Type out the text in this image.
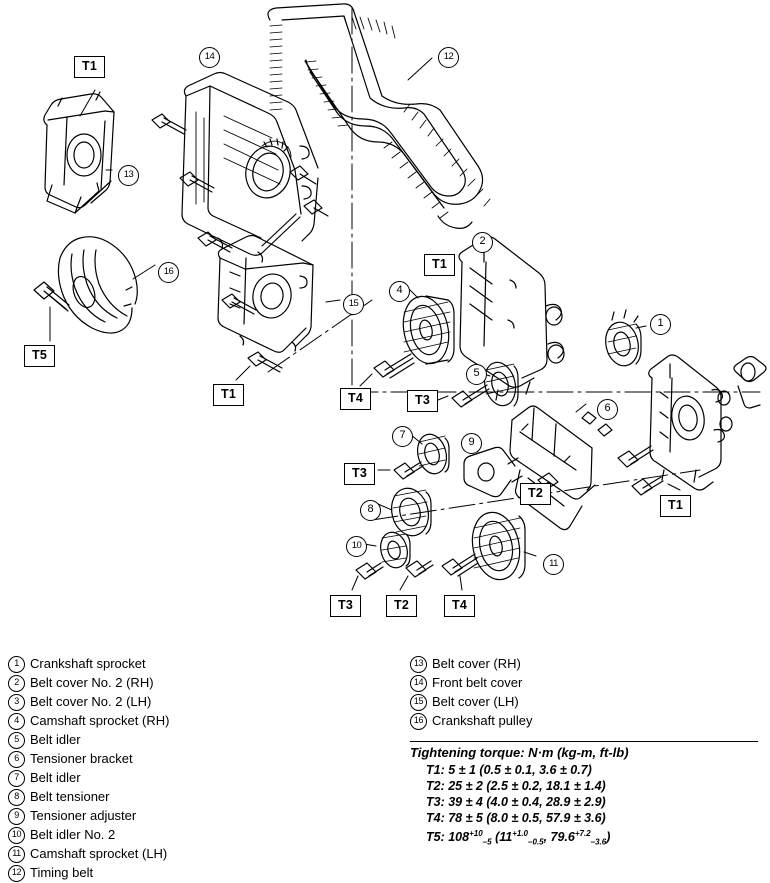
T1
T1
T1
T1
T5
T4	T3
T3
T2
T3	T2	T4
14	12
13
16
15
2
4
1
5
6
7
9
8
10
11
1 Crankshaft sprocket
2 Belt cover No. 2 (RH)
3 Belt cover No. 2 (LH)
4 Camshaft sprocket (RH)
5 Belt idler
6 Tensioner bracket
7 Belt idler
8 Belt tensioner
9 Tensioner adjuster
10 Belt idler No. 2
11 Camshaft sprocket (LH)
12 Timing belt
13 Belt cover (RH)
14 Front belt cover
15 Belt cover (LH)
16 Crankshaft pulley
Tightening torque: N·m (kg-m, ft-lb)
T1: 5 ± 1 (0.5 ± 0.1, 3.6 ± 0.7)
T2: 25 ± 2 (2.5 ± 0.2, 18.1 ± 1.4)
T3: 39 ± 4 (4.0 ± 0.4, 28.9 ± 2.9)
T4: 78 ± 5 (8.0 ± 0.5, 57.9 ± 3.6)
T5: $108^{+10}_{-5}$ ($11^{+1.0}_{-0.5}$, $79.6^{+7.2}_{-3.6}$)
